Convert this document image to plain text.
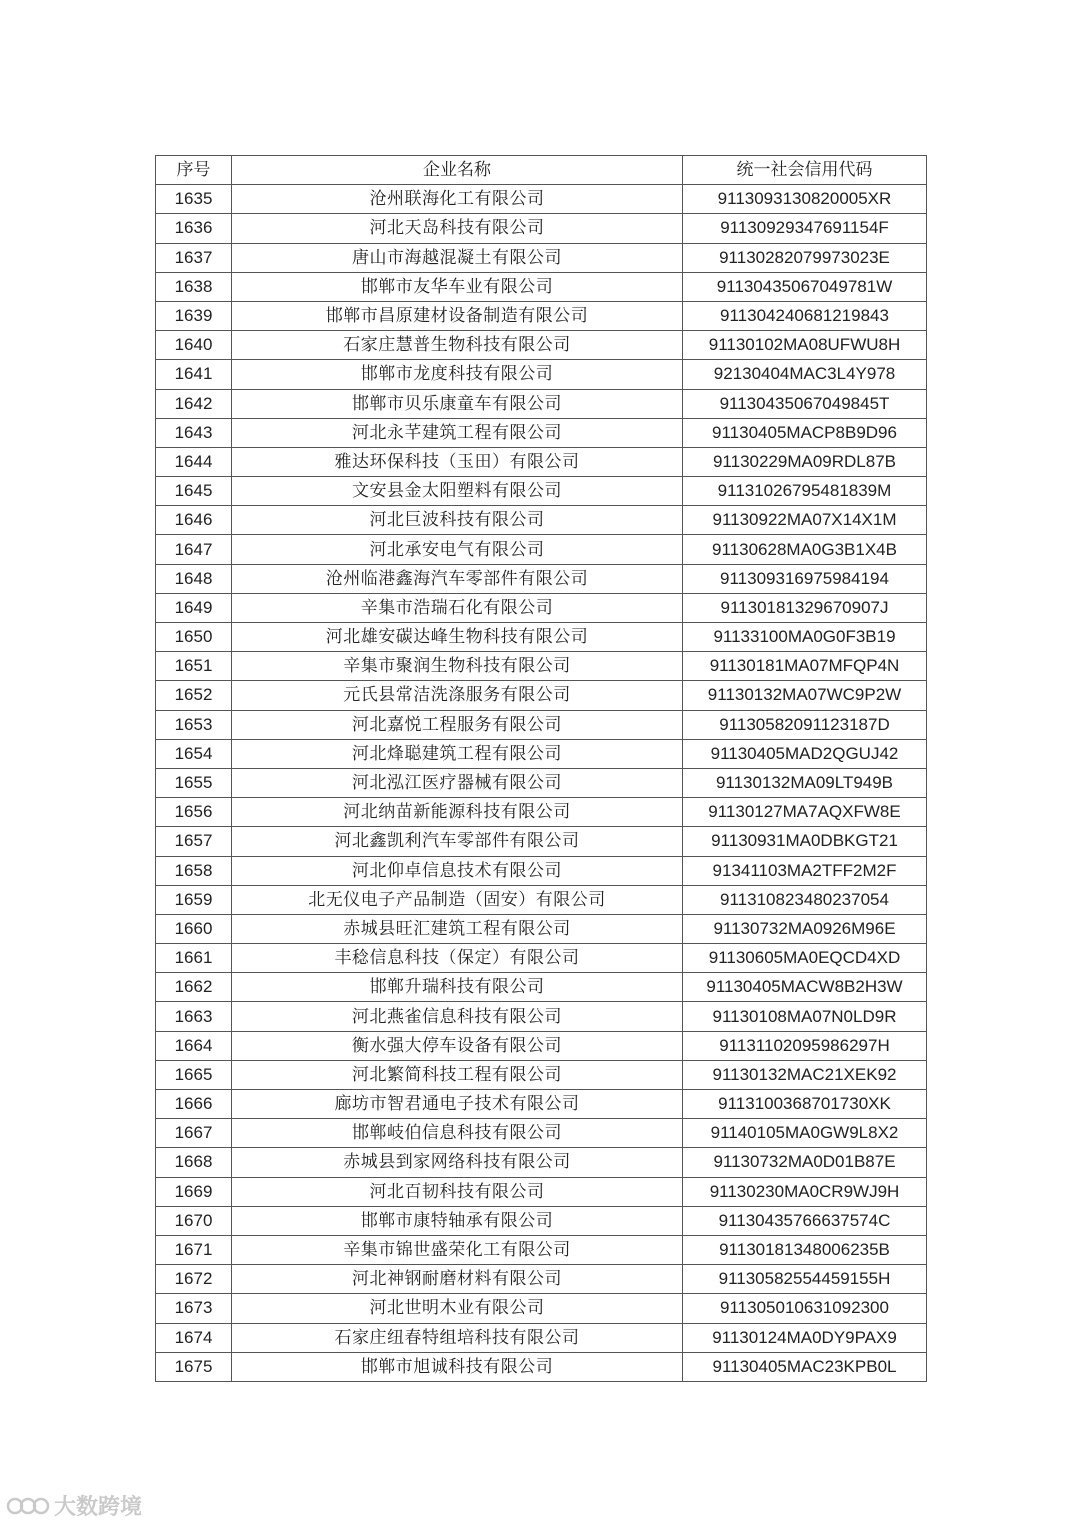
序号	企业名称	统一社会信用代码
1635	沧州联海化工有限公司	9113093130820005XR
1636	河北天岛科技有限公司	91130929347691154F
1637	唐山市海越混凝土有限公司	91130282079973023E
1638	邯郸市友华车业有限公司	91130435067049781W
1639	邯郸市昌原建材设备制造有限公司	911304240681219843
1640	石家庄慧普生物科技有限公司	91130102MA08UFWU8H
1641	邯郸市龙度科技有限公司	92130404MAC3L4Y978
1642	邯郸市贝乐康童车有限公司	91130435067049845T
1643	河北永芊建筑工程有限公司	91130405MACP8B9D96
1644	雅达环保科技（玉田）有限公司	91130229MA09RDL87B
1645	文安县金太阳塑料有限公司	91131026795481839M
1646	河北巨波科技有限公司	91130922MA07X14X1M
1647	河北承安电气有限公司	91130628MA0G3B1X4B
1648	沧州临港鑫海汽车零部件有限公司	911309316975984194
1649	辛集市浩瑞石化有限公司	91130181329670907J
1650	河北雄安碳达峰生物科技有限公司	91133100MA0G0F3B19
1651	辛集市聚润生物科技有限公司	91130181MA07MFQP4N
1652	元氏县常洁洗涤服务有限公司	91130132MA07WC9P2W
1653	河北嘉悦工程服务有限公司	91130582091123187D
1654	河北烽聪建筑工程有限公司	91130405MAD2QGUJ42
1655	河北泓江医疗器械有限公司	91130132MA09LT949B
1656	河北纳苗新能源科技有限公司	91130127MA7AQXFW8E
1657	河北鑫凯利汽车零部件有限公司	91130931MA0DBKGT21
1658	河北仰卓信息技术有限公司	91341103MA2TFF2M2F
1659	北无仪电子产品制造（固安）有限公司	911310823480237054
1660	赤城县旺汇建筑工程有限公司	91130732MA0926M96E
1661	丰稔信息科技（保定）有限公司	91130605MA0EQCD4XD
1662	邯郸升瑞科技有限公司	91130405MACW8B2H3W
1663	河北燕雀信息科技有限公司	91130108MA07N0LD9R
1664	衡水强大停车设备有限公司	91131102095986297H
1665	河北繁简科技工程有限公司	91130132MAC21XEK92
1666	廊坊市智君通电子技术有限公司	9113100368701730XK
1667	邯郸岐伯信息科技有限公司	91140105MA0GW9L8X2
1668	赤城县到家网络科技有限公司	91130732MA0D01B87E
1669	河北百韧科技有限公司	91130230MA0CR9WJ9H
1670	邯郸市康特轴承有限公司	91130435766637574C
1671	辛集市锦世盛荣化工有限公司	91130181348006235B
1672	河北神钢耐磨材料有限公司	91130582554459155H
1673	河北世明木业有限公司	911305010631092300
1674	石家庄纽春特组培科技有限公司	91130124MA0DY9PAX9
1675	邯郸市旭诚科技有限公司	91130405MAC23KPB0L
大数跨境
